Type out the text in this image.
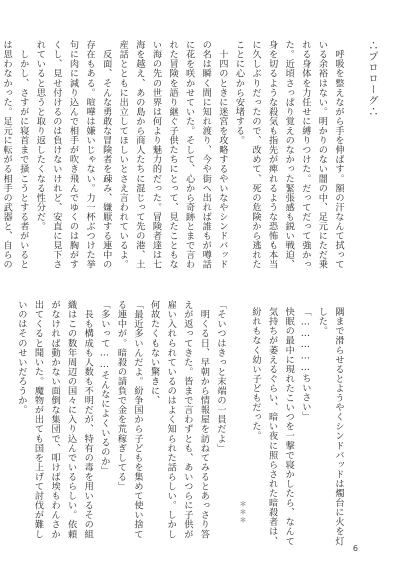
∴プロローグ∴
　呼吸を整えながら手を伸ばす。額の汗なんて拭っている余裕はない。明かりのない闇の中、足元にただ乗れる身体を力任せに縛りつけた。だってだって強かった。近頃さっぱり覚えのなかった緊張感も鋭い戦迫、身を切るような殺気も指先が痺れるような恐怖も本当に久しぶりだったので、改めて、死の危険から逃れたことに心から安堵する。
　十四のときに迷宮を攻略するやいなやシンドバッドの名は瞬く間に知れ渡り、今や街へ出れば誰もが噂話に花を咲かせていた。そして、心から奇跡とまで言われた冒険を語り継ぐ子供たちにとって、見たこともない海の先の世界は何より魅力的だった。冒険者達は七海を越え、あの島から商人たちに混じって先の港、土産話とともに出立してほしいとさえ言われているよ。
　反面、そんな勇敢な冒険者を疎み、嫌厭する連中の存在もある。喧嘩は嫌いじゃない。力一杯ぶつけた挙句に肉に減り込んで相手が吹き飛んでゆくのは胸がすくし、見せ付けるのは負けないけれど、安直に見下されていると思うと取り返したくなる性分だ。
　しかし、さすがに寝首まで掻こうとする者がいるとは思わなかった。足元に転がる相手の武器と、自らの
隅まで滑らせるとようやくシンドバッドは燭台に火を灯した。
「……………ちいさい」
快眠の最中に現れたこいつを一撃で寝かしたら、なんて気持ちが萎えるぐらい、暗い夜に照らされた暗殺者は、紛れもなく幼い子どもだった。
＊＊＊
「そいつはきっと末端の一員だよ」
　明くる日、早朝から情報屋を訪ねてみるとあっさり答えが返ってきた。皆まで言わずとも、あいつらに子供が雇い入れられているのはよく知られた話らしい。しかし何故たくもない驚きに、
「最近多いんだよ。紛争国から子どもを集めて使い捨てる連中が。暗殺の請負で金を荒稼ぎしてる」
「多いって……そんなによくいるのか」
　長も構成も人数も不明だが、特有の毒を用いるその組織はこの数年周辺の国々に入り込んでいるらしい。依頼がなければ動かない面倒な集団で、叩けば埃もわんさか出てくると聞いた。魔物が出ても国を上げて討伐が難しいのはそのせいだろうか。
6
